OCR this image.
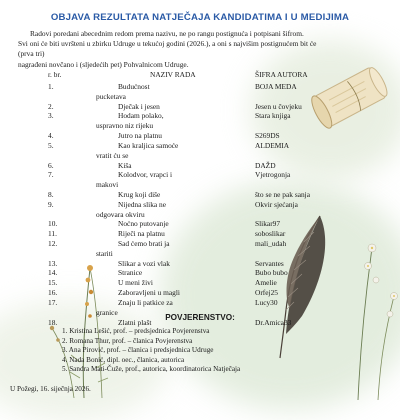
OBJAVA REZULTATA NATJEČAJA KANDIDATIMA I U MEDIJIMA

Radovi poredani abecednim redom prema nazivu, ne po rangu postignuća i potpisani šifrom.

Svi oni će biti uvršteni u zbirku Udruge u tekućoj godini (2026.), a oni s najvišim postignućem bit će (prva tri)

nagrađeni novčano i (sljedećih pet) Pohvalnicom Udruge.

r. br.	NAZIV RADA	ŠIFRA AUTORA
1.	Budućnost	BOJA MEDA
pucketava
2.	Dječak i jesen	Jesen u čovjeku
3.	Hodam polako,	Stara knjiga
uspravno niz rijeku
4.	Jutro na platnu	S269DS
5.	Kao kraljica samoće	ALDEMIA
vratit ću se
6.	Kiša	DAŽD
7.	Kolodvor, vrapci i	Vjetrogonja
makovi
8.	Krug koji diše	što se ne pak sanja
9.	Nijedna slika ne	Okvir sjećanja
odgovara okviru
10.	Noćno putovanje	Slikar97
11.	Riječi na platnu	soboslikar
12.	Sad ćemo brati ja	mali_udah
stariti
13.	Slikar a vozi vlak	Servantes
14.	Stranice	Bubo bubo
15.	U meni živi	Amelie
16.	Zaboravljeni u magli	Orfej25
17.	Znaju li patkice za	Lucy30
granice
18.	Zlatni plašt	Dr.Amica33
POVJERENSTVO:
1. Kristina Lešić, prof. – predsjednica Povjerenstva
2. Romana Thur, prof. – članica Povjerenstva
3. Ana Pirović, prof. – članica i predsjednica Udruge
4. Nada Bonić, dipl. oec., članica, autorica
5. Sandra Mati-Čuže, prof., autorica, koordinatorica Natječaja
U Požegi, 16. siječnja 2026.
